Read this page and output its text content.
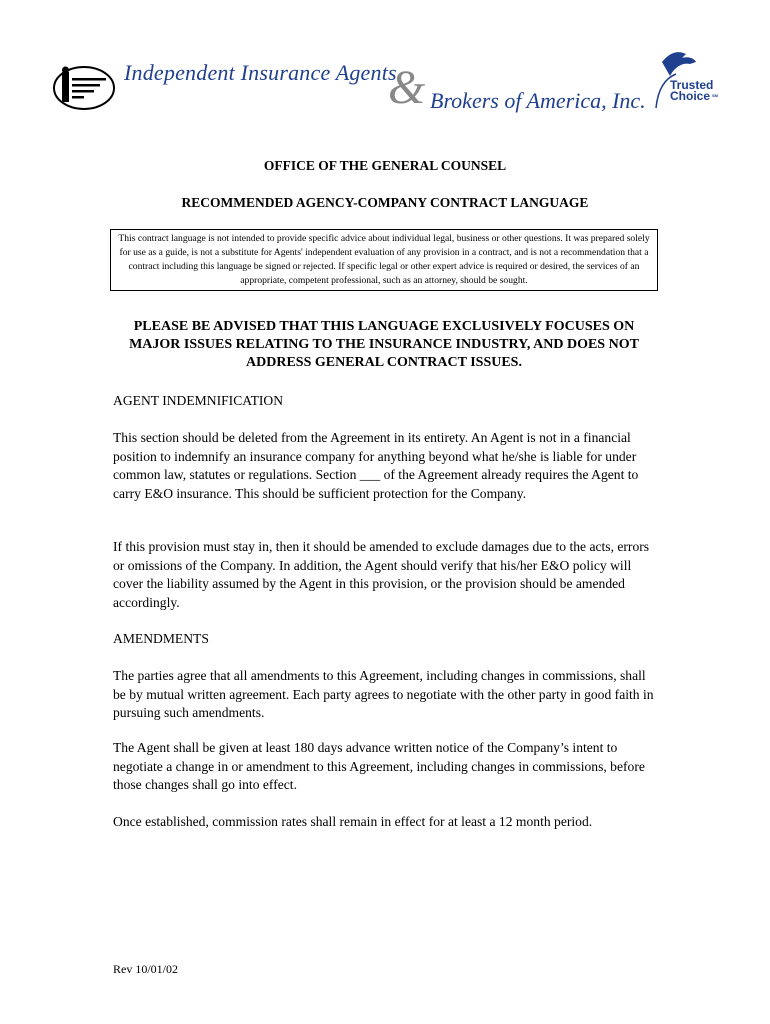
Independent Insurance Agents
& Brokers of America, Inc.
Trusted
Choice SM
OFFICE OF THE GENERAL COUNSEL
RECOMMENDED AGENCY-COMPANY CONTRACT LANGUAGE
This contract language is not intended to provide specific advice about individual legal, business or other questions. It was prepared solely for use as a guide, is not a substitute for Agents' independent evaluation of any provision in a contract, and is not a recommendation that a contract including this language be signed or rejected. If specific legal or other expert advice is required or desired, the services of an appropriate, competent professional, such as an attorney, should be sought.
PLEASE BE ADVISED THAT THIS LANGUAGE EXCLUSIVELY FOCUSES ON MAJOR ISSUES RELATING TO THE INSURANCE INDUSTRY, AND DOES NOT ADDRESS GENERAL CONTRACT ISSUES.
AGENT INDEMNIFICATION
This section should be deleted from the Agreement in its entirety. An Agent is not in a financial position to indemnify an insurance company for anything beyond what he/she is liable for under common law, statutes or regulations. Section ___ of the Agreement already requires the Agent to carry E&O insurance. This should be sufficient protection for the Company.
If this provision must stay in, then it should be amended to exclude damages due to the acts, errors or omissions of the Company. In addition, the Agent should verify that his/her E&O policy will cover the liability assumed by the Agent in this provision, or the provision should be amended accordingly.
AMENDMENTS
The parties agree that all amendments to this Agreement, including changes in commissions, shall be by mutual written agreement. Each party agrees to negotiate with the other party in good faith in pursuing such amendments.
The Agent shall be given at least 180 days advance written notice of the Company’s intent to negotiate a change in or amendment to this Agreement, including changes in commissions, before those changes shall go into effect.
Once established, commission rates shall remain in effect for at least a 12 month period.
Rev 10/01/02
